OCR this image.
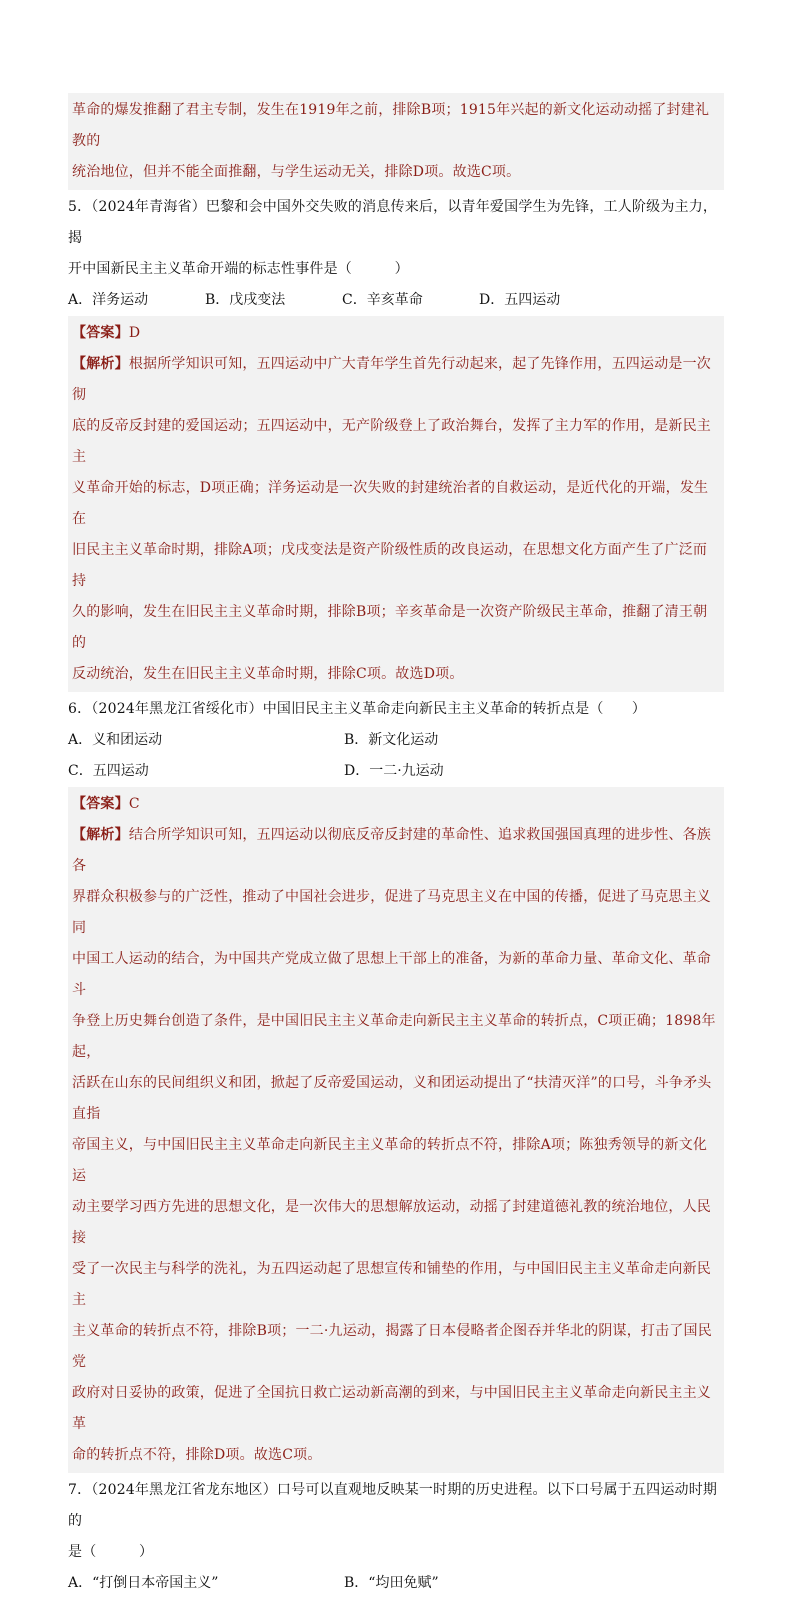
革命的爆发推翻了君主专制，发生在1919年之前，排除B项；1915年兴起的新文化运动动摇了封建礼教的
统治地位，但并不能全面推翻，与学生运动无关，排除D项。故选C项。
5．（2024年青海省）巴黎和会中国外交失败的消息传来后，以青年爱国学生为先锋，工人阶级为主力，揭
开中国新民主主义革命开端的标志性事件是（　　　）
A．洋务运动	B．戊戌变法	C．辛亥革命	D．五四运动
【答案】D
【解析】根据所学知识可知，五四运动中广大青年学生首先行动起来，起了先锋作用，五四运动是一次彻
底的反帝反封建的爱国运动；五四运动中，无产阶级登上了政治舞台，发挥了主力军的作用，是新民主主
义革命开始的标志，D项正确；洋务运动是一次失败的封建统治者的自救运动，是近代化的开端，发生在
旧民主主义革命时期，排除A项；戊戌变法是资产阶级性质的改良运动，在思想文化方面产生了广泛而持
久的影响，发生在旧民主主义革命时期，排除B项；辛亥革命是一次资产阶级民主革命，推翻了清王朝的
反动统治，发生在旧民主主义革命时期，排除C项。故选D项。
6．（2024年黑龙江省绥化市）中国旧民主主义革命走向新民主主义革命的转折点是（　　）
A．义和团运动	B．新文化运动
C．五四运动	D．一二·九运动
【答案】C
【解析】结合所学知识可知，五四运动以彻底反帝反封建的革命性、追求救国强国真理的进步性、各族各
界群众积极参与的广泛性，推动了中国社会进步，促进了马克思主义在中国的传播，促进了马克思主义同
中国工人运动的结合，为中国共产党成立做了思想上干部上的准备，为新的革命力量、革命文化、革命斗
争登上历史舞台创造了条件，是中国旧民主主义革命走向新民主主义革命的转折点，C项正确；1898年起，
活跃在山东的民间组织义和团，掀起了反帝爱国运动，义和团运动提出了“扶清灭洋”的口号，斗争矛头直指
帝国主义，与中国旧民主主义革命走向新民主主义革命的转折点不符，排除A项；陈独秀领导的新文化运
动主要学习西方先进的思想文化，是一次伟大的思想解放运动，动摇了封建道德礼教的统治地位，人民接
受了一次民主与科学的洗礼，为五四运动起了思想宣传和铺垫的作用，与中国旧民主主义革命走向新民主
主义革命的转折点不符，排除B项；一二·九运动，揭露了日本侵略者企图吞并华北的阴谋，打击了国民党
政府对日妥协的政策，促进了全国抗日救亡运动新高潮的到来，与中国旧民主主义革命走向新民主主义革
命的转折点不符，排除D项。故选C项。
7．（2024年黑龙江省龙东地区）口号可以直观地反映某一时期的历史进程。以下口号属于五四运动时期的
是（　　　）
A．“打倒日本帝国主义”	B．“均田免赋”
